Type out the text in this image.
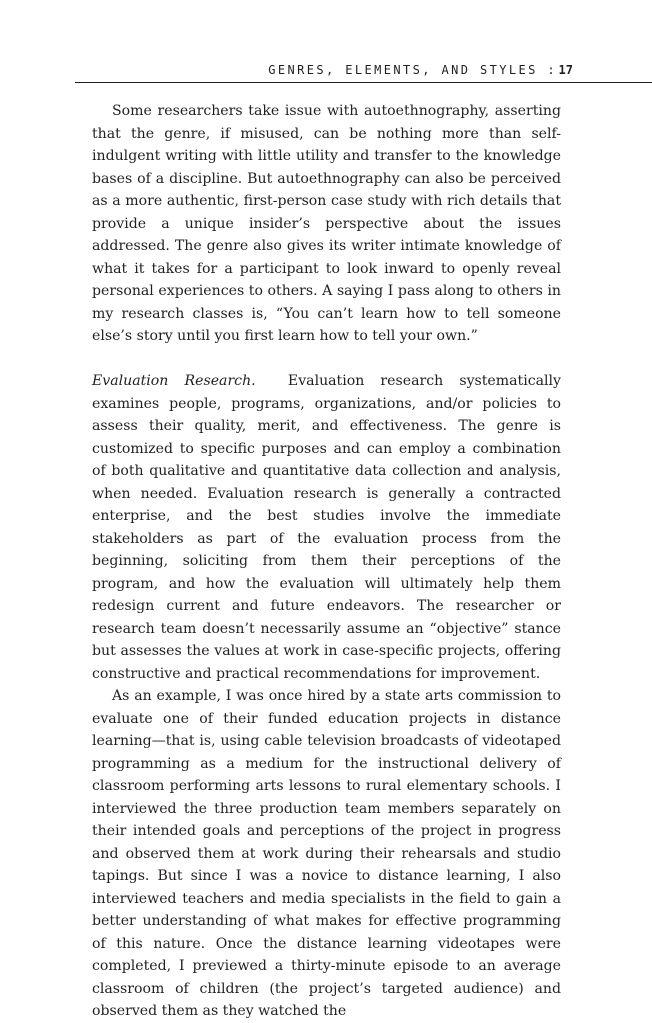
GENRES, ELEMENTS, AND STYLES : 17

Some researchers take issue with autoethnography, asserting that the genre, if misused, can be nothing more than self-indulgent writing with little utility and transfer to the knowledge bases of a discipline. But autoethnography can also be perceived as a more authentic, first-person case study with rich details that provide a unique insider’s perspective about the issues addressed. The genre also gives its writer intimate knowledge of what it takes for a participant to look inward to openly reveal personal experiences to others. A saying I pass along to others in my research classes is, “You can’t learn how to tell someone else’s story until you first learn how to tell your own.”

Evaluation Research. Evaluation research systematically examines people, programs, organizations, and/or policies to assess their quality, merit, and effectiveness. The genre is customized to specific purposes and can employ a combination of both qualitative and quantitative data collection and analysis, when needed. Evaluation research is generally a contracted enterprise, and the best studies involve the immediate stakeholders as part of the evaluation process from the beginning, soliciting from them their perceptions of the program, and how the evaluation will ultimately help them redesign current and future endeavors. The researcher or research team doesn’t necessarily assume an “objective” stance but assesses the values at work in case-specific projects, offering constructive and practical recommendations for improvement.

As an example, I was once hired by a state arts commission to evaluate one of their funded education projects in distance learning—that is, using cable television broadcasts of videotaped programming as a medium for the instructional delivery of classroom performing arts lessons to rural elementary schools. I interviewed the three production team members separately on their intended goals and perceptions of the project in progress and observed them at work during their rehearsals and studio tapings. But since I was a novice to distance learning, I also interviewed teachers and media specialists in the field to gain a better understanding of what makes for effective programming of this nature. Once the distance learning videotapes were completed, I previewed a thirty-minute episode to an average classroom of children (the project’s targeted audience) and observed them as they watched the
